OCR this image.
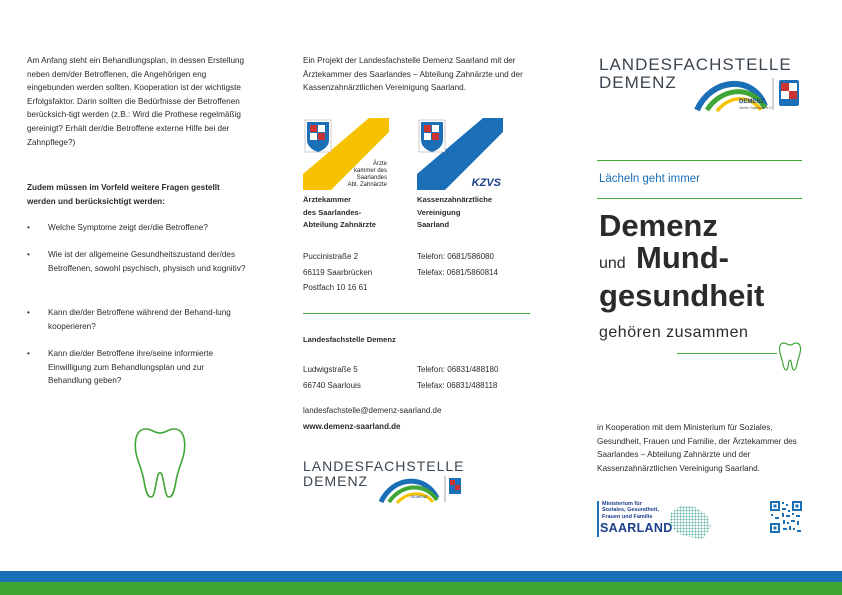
Am Anfang steht ein Behandlungsplan, in dessen Erstellung neben dem/der Betroffenen, die Angehörigen eng eingebunden werden sollten. Kooperation ist der wichtigste Erfolgsfaktor. Darin sollten die Bedürfnisse der Betroffenen berücksich-tigt werden (z.B.: Wird die Prothese regelmäßig gereinigt? Erhält der/die Betroffene externe Hilfe bei der Zahnpflege?)

Zudem müssen im Vorfeld weitere Fragen gestellt werden und berücksichtigt werden:

• Welche Symptome zeigt der/die Betroffene?

• Wie ist der allgemeine Gesundheitszustand der/des Betroffenen, sowohl psychisch, physisch und kognitiv?

• Kann die/der Betroffene während der Behand-lung kooperieren?

• Kann die/der Betroffene ihre/seine informierte Einwilligung zum Behandlungsplan und zur Behandlung geben?

Ein Projekt der Landesfachstelle Demenz Saarland mit der Ärztekammer des Saarlandes – Abteilung Zahnärzte und der Kassenzahnärztlichen Vereinigung Saarland.

Ärzte
kammer des
Saarlandes
Abt. Zahnärzte	KZVS
Ärztekammer
des Saarlandes-
Abteilung Zahnärzte
Kassenzahnärztliche
Vereinigung
Saarland
Puccinistraße 2
66119 Saarbrücken
Postfach 10 16 61
Telefon: 0681/586080
Telefax: 0681/5860814
Landesfachstelle Demenz
Ludwigstraße 5
66740 Saarlouis
Telefon: 06831/488180
Telefax: 06831/488118
landesfachstelle@demenz-saarland.de
www.demenz-saarland.de
LANDESFACHSTELLE
DEMENZ
DEMENZ
LANDESFACHSTELLE
DEMENZ
DEMENZ
Verein Saarlouis e.V.
Lächeln geht immer
Demenz
und Mund-
gesundheit
gehören zusammen

in Kooperation mit dem Ministerium für Soziales, Gesundheit, Frauen und Familie, der Ärztekammer des Saarlandes – Abteilung Zahnärzte und der Kassenzahnärztlichen Vereinigung Saarland.

Ministerium für
Soziales, Gesundheit,
Frauen und Familie
SAARLAND
